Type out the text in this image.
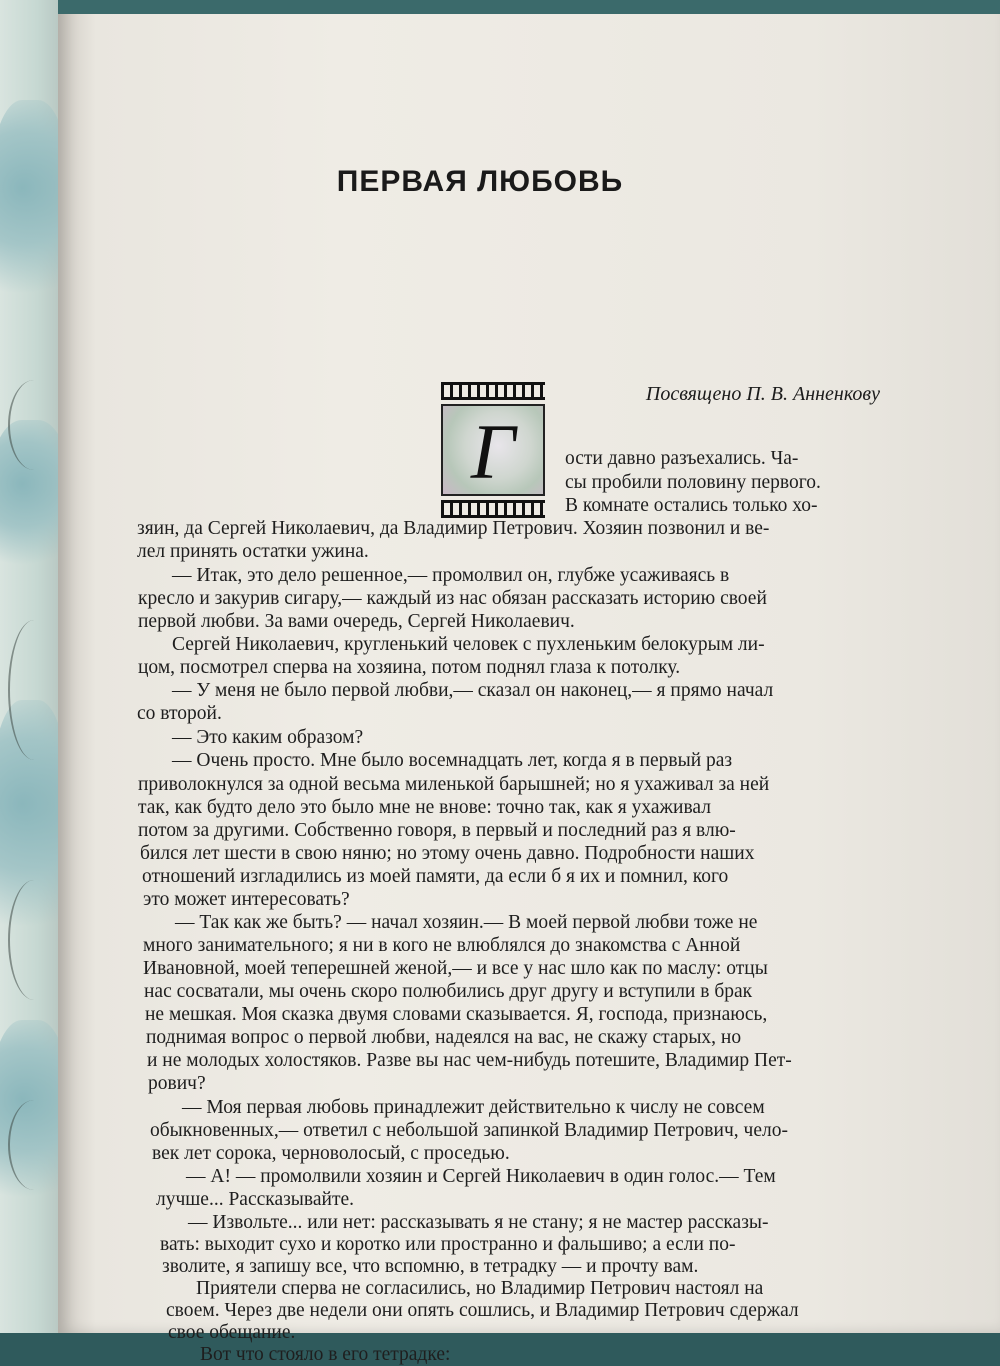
ПЕРВАЯ ЛЮБОВЬ
Посвящено П. В. Анненкову
Г	ости давно разъехались. Ча-
сы пробили половину первого.
В комнате остались только хо-
зяин, да Сергей Николаевич, да Владимир Петрович. Хозяин позвонил и ве-
лел принять остатки ужина.
— Итак, это дело решенное,— промолвил он, глубже усаживаясь в
кресло и закурив сигару,— каждый из нас обязан рассказать историю своей
первой любви. За вами очередь, Сергей Николаевич.
Сергей Николаевич, кругленький человек с пухленьким белокурым ли-
цом, посмотрел сперва на хозяина, потом поднял глаза к потолку.
— У меня не было первой любви,— сказал он наконец,— я прямо начал
со второй.
— Это каким образом?
— Очень просто. Мне было восемнадцать лет, когда я в первый раз
приволокнулся за одной весьма миленькой барышней; но я ухаживал за ней
так, как будто дело это было мне не внове: точно так, как я ухаживал
потом за другими. Собственно говоря, в первый и последний раз я влю-
бился лет шести в свою няню; но этому очень давно. Подробности наших
отношений изгладились из моей памяти, да если б я их и помнил, кого
это может интересовать?
— Так как же быть? — начал хозяин.— В моей первой любви тоже не
много занимательного; я ни в кого не влюблялся до знакомства с Анной
Ивановной, моей теперешней женой,— и все у нас шло как по маслу: отцы
нас сосватали, мы очень скоро полюбились друг другу и вступили в брак
не мешкая. Моя сказка двумя словами сказывается. Я, господа, признаюсь,
поднимая вопрос о первой любви, надеялся на вас, не скажу старых, но
и не молодых холостяков. Разве вы нас чем-нибудь потешите, Владимир Пет-
рович?
— Моя первая любовь принадлежит действительно к числу не совсем
обыкновенных,— ответил с небольшой запинкой Владимир Петрович, чело-
век лет сорока, черноволосый, с проседью.
— А! — промолвили хозяин и Сергей Николаевич в один голос.— Тем
лучше... Рассказывайте.
— Извольте... или нет: рассказывать я не стану; я не мастер рассказы-
вать: выходит сухо и коротко или пространно и фальшиво; а если по-
зволите, я запишу все, что вспомню, в тетрадку — и прочту вам.
Приятели сперва не согласились, но Владимир Петрович настоял на
своем. Через две недели они опять сошлись, и Владимир Петрович сдержал
свое обещание.
Вот что стояло в его тетрадке:
